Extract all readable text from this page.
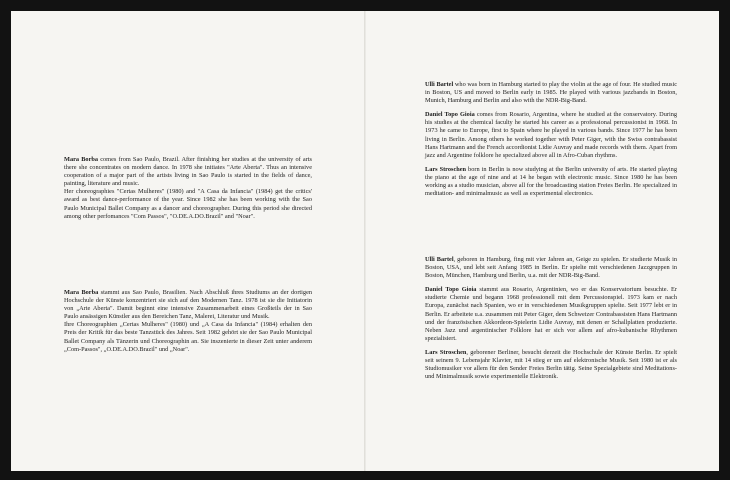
Mara Borba comes from Sao Paulo, Brazil. After finishing her studies at the university of arts there she concentrates on modern dance. In 1978 she initiates "Arte Aberta". Thus an intensive cooperation of a major part of the artists living in Sao Paulo is started in the fields of dance, painting, literature and music.

Her choreographies "Certas Mulheres" (1980) and "A Casa da Infancia" (1984) get the critics' award as best dance-performance of the year. Since 1982 she has been working with the Sao Paulo Municipal Ballet Company as a dancer and choreographer. During this period she directed among other perfomances "Com Passos", "O.DE.A.DO.Brazil" and "Noar".

Mara Borba stammt aus Sao Paulo, Brasilien. Nach Abschluß ihres Studiums an der dortigen Hochschule der Künste konzentriert sie sich auf den Modernen Tanz. 1978 ist sie die Initiatorin von „Arte Aberta". Damit beginnt eine intensive Zusammenarbeit eines Großteils der in Sao Paulo ansässigen Künstler aus den Bereichen Tanz, Malerei, Literatur und Musik.

Ihre Choreographien „Certas Mulheres" (1980) und „A Casa da Infancia" (1984) erhalten den Preis der Kritik für das beste Tanzstück des Jahres. Seit 1982 gehört sie der Sao Paulo Municipal Ballet Company als Tänzerin und Choreographin an. Sie inszenierte in dieser Zeit unter anderem „Com-Passos", „O.DE.A.DO.Brazil" und „Noar".

Ulli Bartel who was born in Hamburg started to play the violin at the age of four. He studied music in Boston, US and moved to Berlin early in 1985. He played with various jazzbands in Boston, Munich, Hamburg and Berlin and also with the NDR-Big-Band.

Daniel Topo Gioia comes from Rosario, Argentina, where he studied at the conservatory. During his studies at the chemical faculty he started his career as a professional percussionist in 1968. In 1973 he came to Europe, first to Spain where he played in various bands. Since 1977 he has been living in Berlin. Among others he worked together with Peter Giger, with the Swiss contrabassist Hans Hartmann and the French accordionist Lidie Auvray and made records with them. Apart from jazz and Argentine folklore he specialized above all in Afro-Cuban rhythms.

Lars Stroschen born in Berlin is now studying at the Berlin university of arts. He started playing the piano at the age of nine and at 14 he began with electronic music. Since 1980 he has been working as a studio musician, above all for the broadcasting station Freies Berlin. He specialized in meditation- and minimalmusic as well as experimental electronics.

Ulli Bartel, geboren in Hamburg, fing mit vier Jahren an, Geige zu spielen. Er studierte Musik in Boston, USA, und lebt seit Anfang 1985 in Berlin. Er spielte mit verschiedenen Jazzgruppen in Boston, München, Hamburg und Berlin, u.a. mit der NDR-Big-Band.

Daniel Topo Gioia stammt aus Rosario, Argentinien, wo er das Konservatorium besuchte. Er studierte Chemie und begann 1968 professionell mit dem Percussionspiel. 1973 kam er nach Europa, zunächst nach Spanien, wo er in verschiedenen Musikgruppen spielte. Seit 1977 lebt er in Berlin. Er arbeitete u.a. zusammen mit Peter Giger, dem Schweizer Contrabassisten Hans Hartmann und der französischen Akkordeon-Spielerin Lidie Auvray, mit denen er Schallplatten produzierte. Neben Jazz und argentinischer Folklore hat er sich vor allem auf afro-kubanische Rhythmen spezialisiert.

Lars Stroschen, geborener Berliner, besucht derzeit die Hochschule der Künste Berlin. Er spielt seit seinem 9. Lebensjahr Klavier, mit 14 stieg er um auf elektronische Musik. Seit 1980 ist er als Studiomusiker vor allem für den Sender Freies Berlin tätig. Seine Spezialgebiete sind Meditations- und Minimalmusik sowie experimentelle Elektronik.
